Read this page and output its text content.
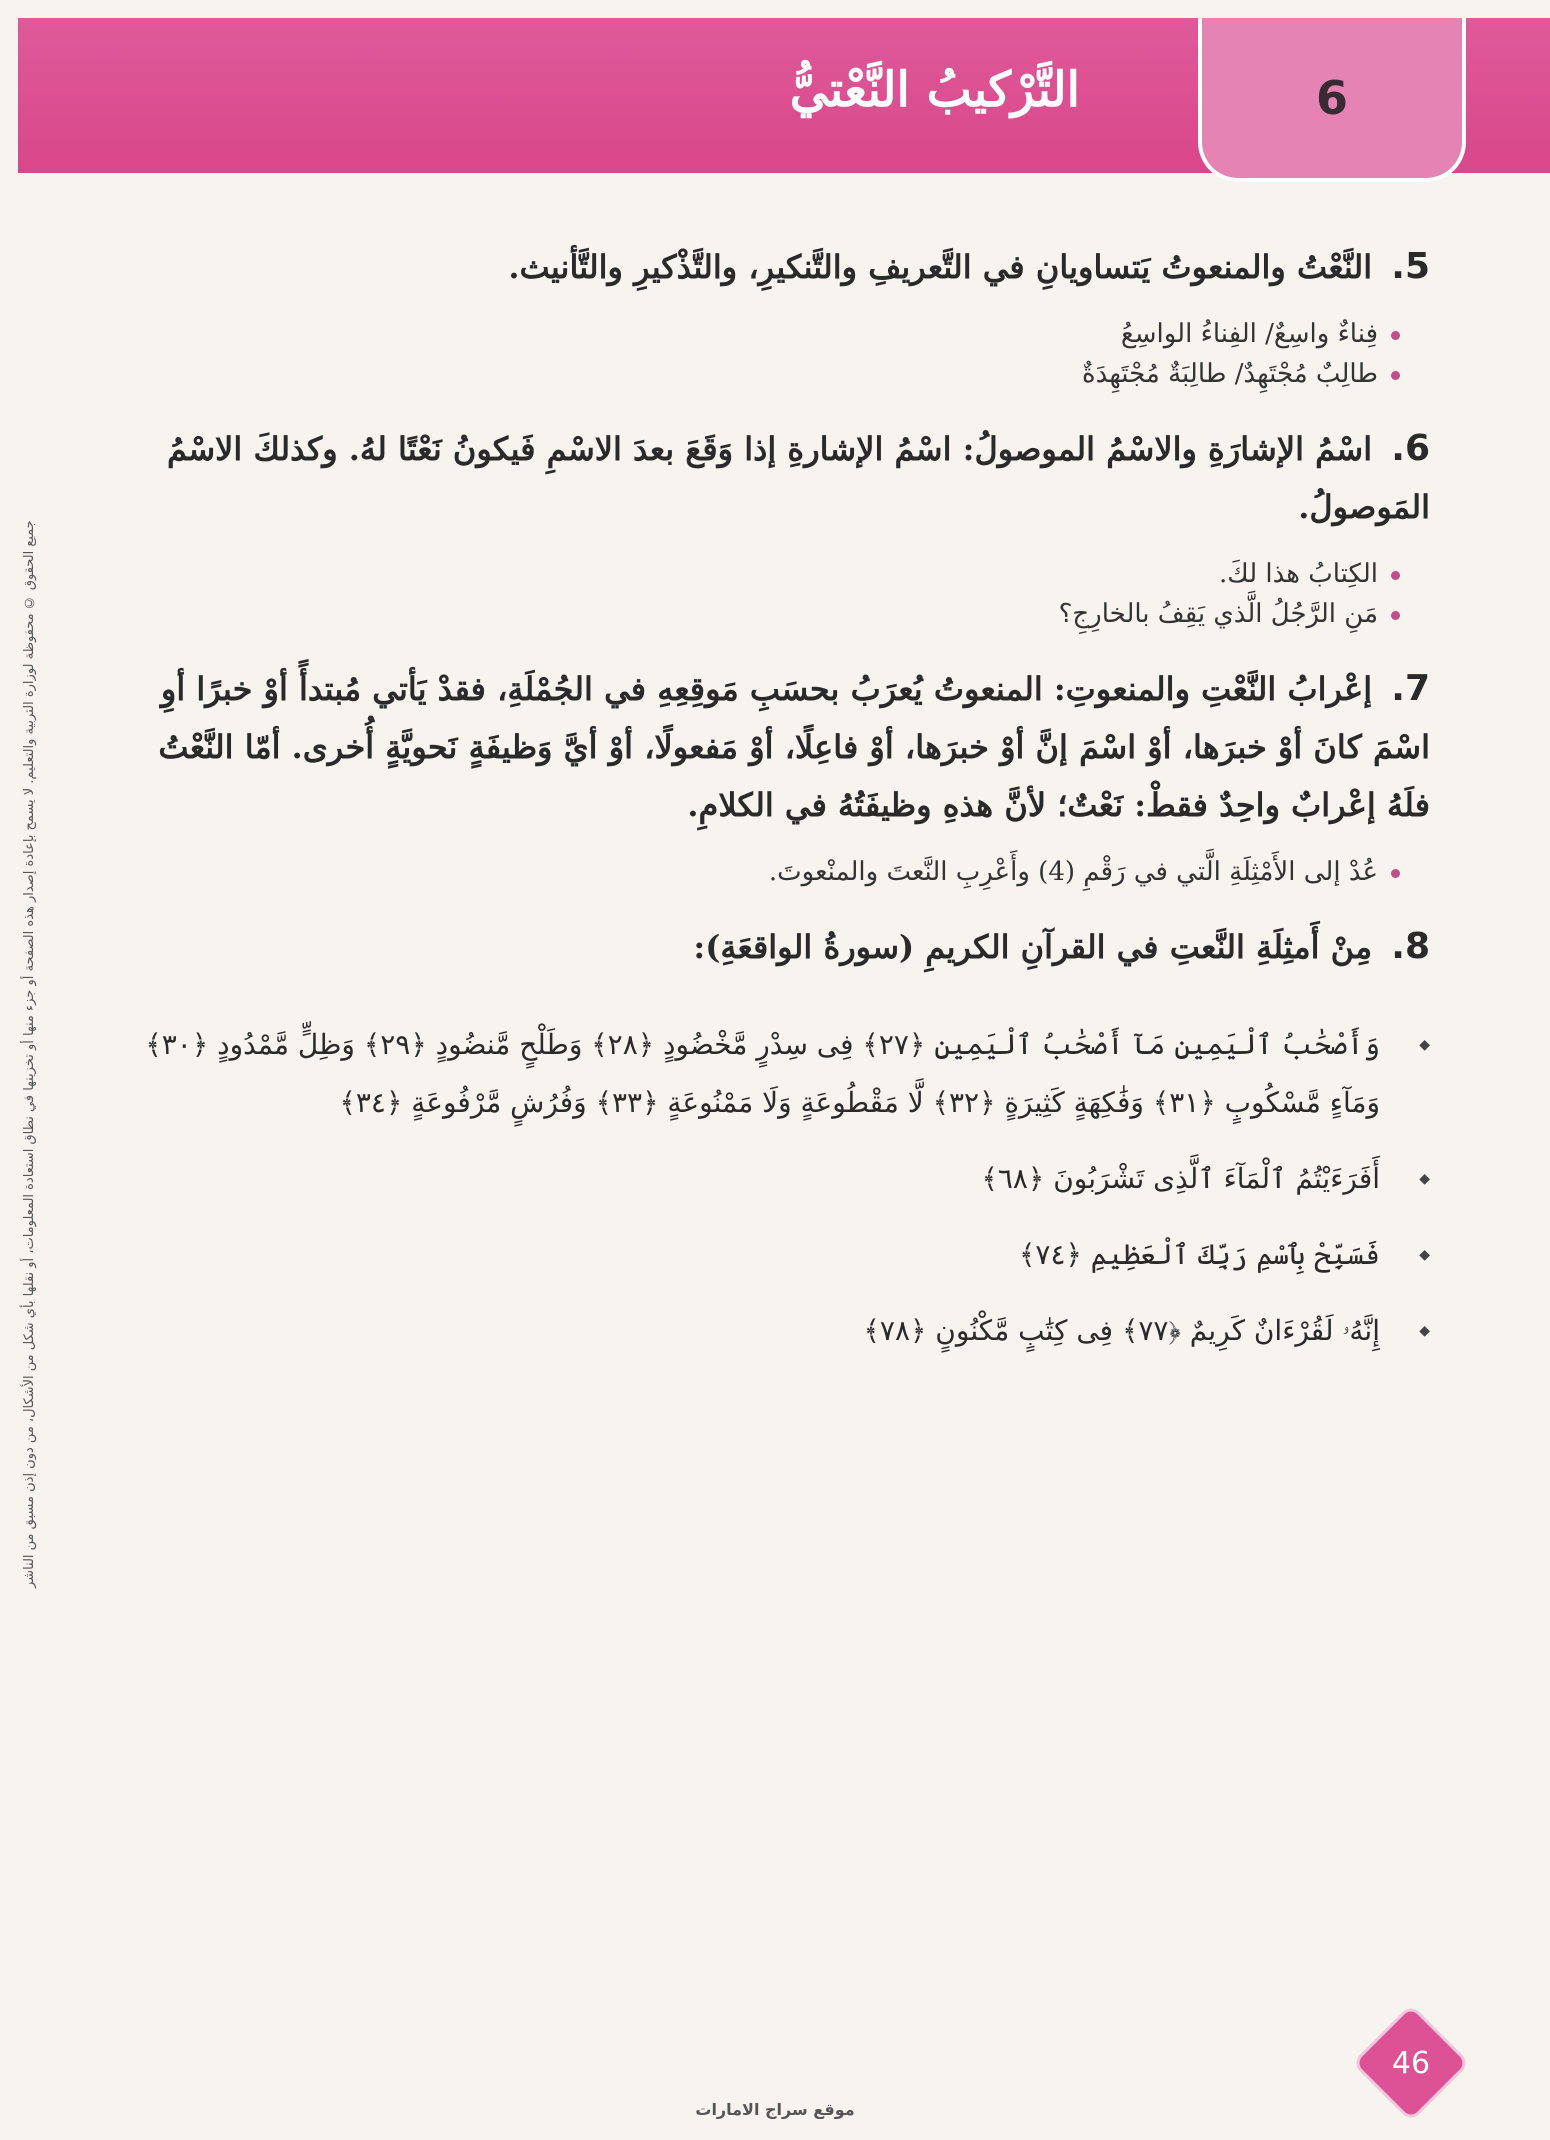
6
التَّرْكيبُ النَّعْتيُّ
جميع الحقوق © محفوظة لوزارة التربية والتعليم. لا يسمح بإعادة إصدار هذه الصفحة أو جزء منها أو تخزينها في نطاق استعادة المعلومات، أو نقلها بأي شكل من الأشكال، من دون إذن مسبق من الناشر
5. النَّعْتُ والمنعوتُ يَتساويانِ في التَّعريفِ والتَّنكيرِ، والتَّذْكيرِ والتَّأنيث.
فِناءٌ واسِعٌ/ الفِناءُ الواسِعُ
طالِبٌ مُجْتَهِدٌ/ طالِبَةٌ مُجْتَهِدَةٌ
6. اسْمُ الإشارَةِ والاسْمُ الموصولُ: اسْمُ الإشارةِ إذا وَقَعَ بعدَ الاسْمِ فَيكونُ نَعْتًا لهُ. وكذلكَ الاسْمُ المَوصولُ.
الكِتابُ هذا لكَ.
مَنِ الرَّجُلُ الَّذي يَقِفُ بالخارِجِ؟
7. إعْرابُ النَّعْتِ والمنعوتِ: المنعوتُ يُعرَبُ بحسَبِ مَوقِعِهِ في الجُمْلَةِ، فقدْ يَأتي مُبتدأً أوْ خبرًا أوِ اسْمَ كانَ أوْ خبرَها، أوْ اسْمَ إنَّ أوْ خبرَها، أوْ فاعِلًا، أوْ مَفعولًا، أوْ أيَّ وَظيفَةٍ نَحويَّةٍ أُخرى. أمّا النَّعْتُ فلَهُ إعْرابٌ واحِدٌ فقطْ: نَعْتٌ؛ لأنَّ هذهِ وظيفَتُهُ في الكلامِ.
عُدْ إلى الأَمْثِلَةِ الَّتي في رَقْمِ (4) وأَعْرِبِ النَّعتَ والمنْعوتَ.
8. مِنْ أَمثِلَةِ النَّعتِ في القرآنِ الكريمِ (سورةُ الواقعَةِ):
◆ وَأَصْحَٰبُ ٱلْيَمِينِ مَآ أَصْحَٰبُ ٱلْيَمِينِ ﴿٢٧﴾ فِى سِدْرٍ مَّخْضُودٍ ﴿٢٨﴾ وَطَلْحٍ مَّنضُودٍ ﴿٢٩﴾ وَظِلٍّ مَّمْدُودٍ ﴿٣٠﴾ وَمَآءٍ مَّسْكُوبٍ ﴿٣١﴾ وَفَٰكِهَةٍ كَثِيرَةٍ ﴿٣٢﴾ لَّا مَقْطُوعَةٍ وَلَا مَمْنُوعَةٍ ﴿٣٣﴾ وَفُرُشٍ مَّرْفُوعَةٍ ﴿٣٤﴾
◆ أَفَرَءَيْتُمُ ٱلْمَآءَ ٱلَّذِى تَشْرَبُونَ ﴿٦٨﴾
◆ فَسَبِّحْ بِٱسْمِ رَبِّكَ ٱلْعَظِيمِ ﴿٧٤﴾
◆ إِنَّهُۥ لَقُرْءَانٌ كَرِيمٌ ﴿٧٧﴾ فِى كِتَٰبٍ مَّكْنُونٍ ﴿٧٨﴾
46
موقع سراج الامارات
